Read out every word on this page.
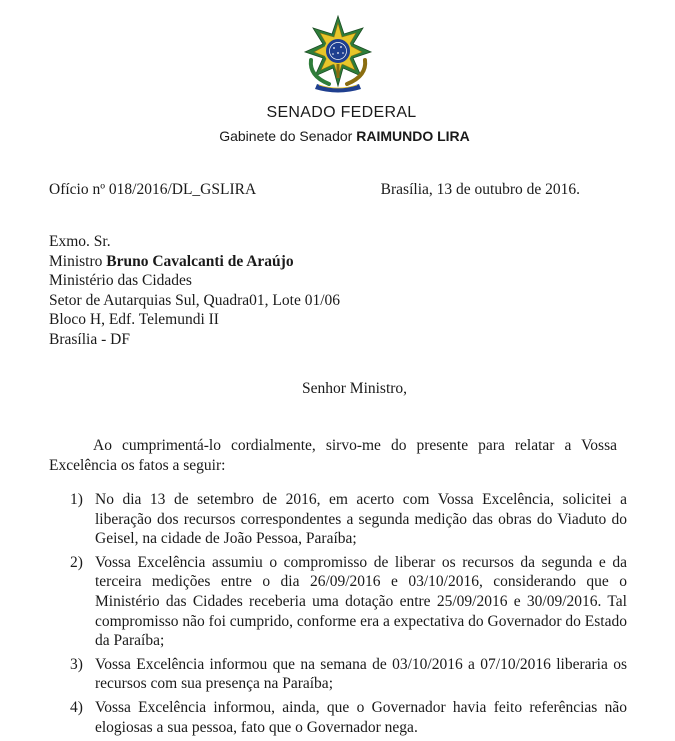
SENADO FEDERAL
Gabinete do Senador RAIMUNDO LIRA
Ofício nº 018/2016/DL_GSLIRA	Brasília, 13 de outubro de 2016.
Exmo. Sr.
Ministro Bruno Cavalcanti de Araújo
Ministério das Cidades
Setor de Autarquias Sul, Quadra01, Lote 01/06
Bloco H, Edf. Telemundi II
Brasília - DF
Senhor Ministro,

Ao cumprimentá-lo cordialmente, sirvo-me do presente para relatar a Vossa Excelência os fatos a seguir:

1) No dia 13 de setembro de 2016, em acerto com Vossa Excelência, solicitei a liberação dos recursos correspondentes a segunda medição das obras do Viaduto do Geisel, na cidade de João Pessoa, Paraíba;
2) Vossa Excelência assumiu o compromisso de liberar os recursos da segunda e da terceira medições entre o dia 26/09/2016 e 03/10/2016, considerando que o Ministério das Cidades receberia uma dotação entre 25/09/2016 e 30/09/2016. Tal compromisso não foi cumprido, conforme era a expectativa do Governador do Estado da Paraíba;
3) Vossa Excelência informou que na semana de 03/10/2016 a 07/10/2016 liberaria os recursos com sua presença na Paraíba;
4) Vossa Excelência informou, ainda, que o Governador havia feito referências não elogiosas a sua pessoa, fato que o Governador nega.
